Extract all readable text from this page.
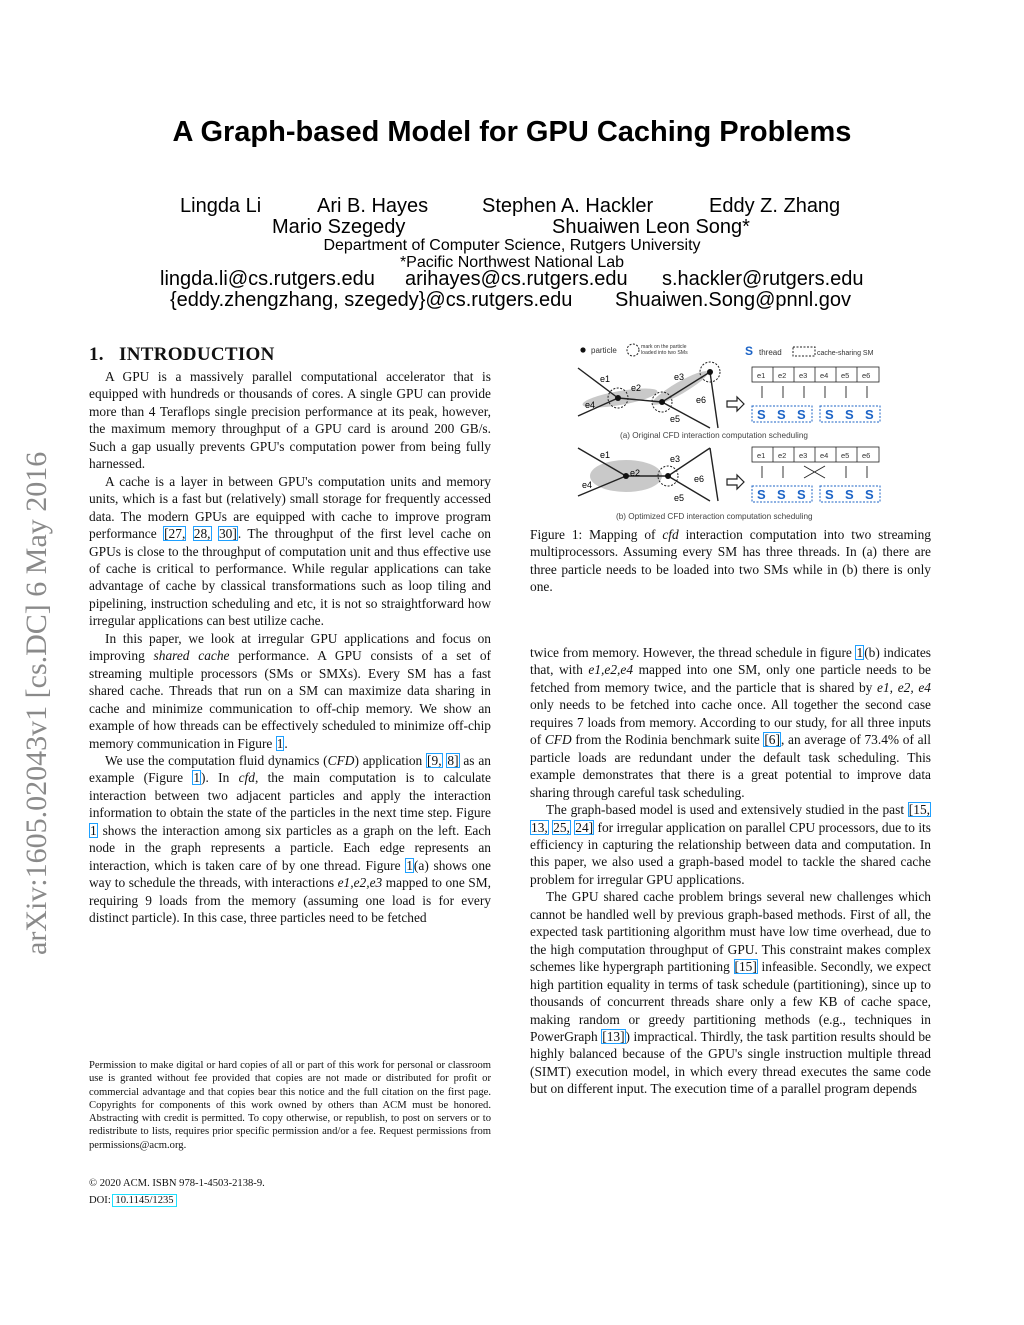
arXiv:1605.02043v1 [cs.DC] 6 May 2016
A Graph-based Model for GPU Caching Problems
Lingda Li	Ari B. Hayes	Stephen A. Hackler	Eddy Z. Zhang
Mario Szegedy	Shuaiwen Leon Song*
Department of Computer Science, Rutgers University
*Pacific Northwest National Lab
lingda.li@cs.rutgers.edu arihayes@cs.rutgers.edu s.hackler@rutgers.edu
{eddy.zhengzhang, szegedy}@cs.rutgers.edu Shuaiwen.Song@pnnl.gov
1. INTRODUCTION

A GPU is a massively parallel computational accelerator that is equipped with hundreds or thousands of cores. A single GPU can provide more than 4 Teraflops single precision performance at its peak, however, the maximum memory throughput of a GPU card is around 200 GB/s. Such a gap usually prevents GPU's computation power from being fully harnessed.

A cache is a layer in between GPU's computation units and memory units, which is a fast but (relatively) small storage for frequently accessed data. The modern GPUs are equipped with cache to improve program performance [27, 28, 30]. The throughput of the first level cache on GPUs is close to the throughput of computation unit and thus effective use of cache is critical to performance. While regular applications can take advantage of cache by classical transformations such as loop tiling and pipelining, instruction scheduling and etc, it is not so straightforward how irregular applications can best utilize cache.

In this paper, we look at irregular GPU applications and focus on improving shared cache performance. A GPU consists of a set of streaming multiple processors (SMs or SMXs). Every SM has a fast shared cache. Threads that run on a SM can maximize data sharing in cache and minimize communication to off-chip memory. We show an example of how threads can be effectively scheduled to minimize off-chip memory communication in Figure 1.

We use the computation fluid dynamics (CFD) application [9, 8] as an example (Figure 1). In cfd, the main computation is to calculate interaction between two adjacent particles and apply the interaction information to obtain the state of the particles in the next time step. Figure 1 shows the interaction among six particles as a graph on the left. Each node in the graph represents a particle. Each edge represents an interaction, which is taken care of by one thread. Figure 1(a) shows one way to schedule the threads, with interactions e1,e2,e3 mapped to one SM, requiring 9 loads from the memory (assuming one load is for every distinct particle). In this case, three particles need to be fetched

Permission to make digital or hard copies of all or part of this work for personal or classroom use is granted without fee provided that copies are not made or distributed for profit or commercial advantage and that copies bear this notice and the full citation on the first page. Copyrights for components of this work owned by others than ACM must be honored. Abstracting with credit is permitted. To copy otherwise, or republish, to post on servers or to redistribute to lists, requires prior specific permission and/or a fee. Request permissions from permissions@acm.org.
© 2020 ACM. ISBN 978-1-4503-2138-9.
DOI: 10.1145/1235
particle	mark on the particle
loaded into two SMs	S thread	cache-sharing SM
e1
e2
e3
e4
e5
e6
e1 e2 e3 e4 e5 e6
S S S S S S
(a) Original CFD interaction computation scheduling
e1
e2
e3
e4
e5
e6
e1 e2 e3 e4 e5 e6
S S S S S S
(b) Optimized CFD interaction computation scheduling
Figure 1: Mapping of cfd interaction computation into two streaming multiprocessors. Assuming every SM has three threads. In (a) there are three particle needs to be loaded into two SMs while in (b) there is only one.

twice from memory. However, the thread schedule in figure 1(b) indicates that, with e1,e2,e4 mapped into one SM, only one particle needs to be fetched from memory twice, and the particle that is shared by e1, e2, e4 only needs to be fetched into cache once. All together the second case requires 7 loads from memory. According to our study, for all three inputs of CFD from the Rodinia benchmark suite [6], an average of 73.4% of all particle loads are redundant under the default task scheduling. This example demonstrates that there is a great potential to improve data sharing through careful task scheduling.

The graph-based model is used and extensively studied in the past [15, 13, 25, 24] for irregular application on parallel CPU processors, due to its efficiency in capturing the relationship between data and computation. In this paper, we also used a graph-based model to tackle the shared cache problem for irregular GPU applications.

The GPU shared cache problem brings several new challenges which cannot be handled well by previous graph-based methods. First of all, the expected task partitioning algorithm must have low time overhead, due to the high computation throughput of GPU. This constraint makes complex schemes like hypergraph partitioning [15] infeasible. Secondly, we expect high partition equality in terms of task schedule (partitioning), since up to thousands of concurrent threads share only a few KB of cache space, making random or greedy partitioning methods (e.g., techniques in PowerGraph [13]) impractical. Thirdly, the task partition results should be highly balanced because of the GPU's single instruction multiple thread (SIMT) execution model, in which every thread executes the same code but on different input. The execution time of a parallel program depends
